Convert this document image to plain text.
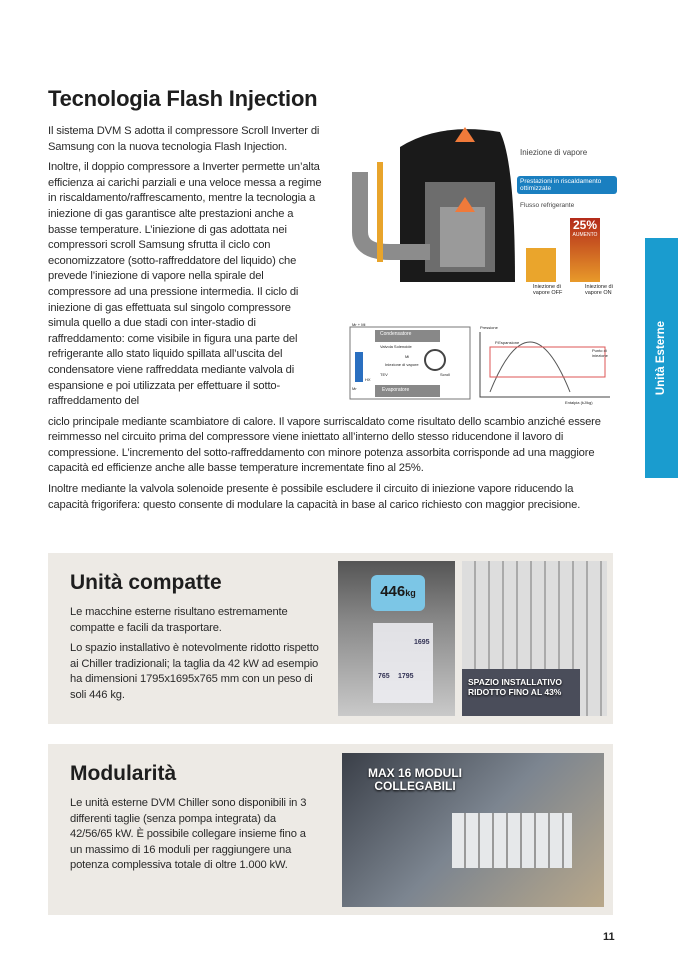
Tecnologia Flash Injection

Il sistema DVM S adotta il compressore Scroll Inverter di Samsung con la nuova tecnologia Flash Injection.

Inoltre, il doppio compressore a Inverter permette un’alta efficienza ai carichi parziali e una veloce messa a regime in riscaldamento/raffrescamento, mentre la tecnologia a iniezione di gas garantisce alte prestazioni anche a basse temperature. L’iniezione di gas adottata nei compressori scroll Samsung sfrutta il ciclo con economizzatore (sotto-raffreddatore del liquido) che prevede l’iniezione di vapore nella spirale del compressore ad una pressione intermedia. Il ciclo di iniezione di gas effettuata sul singolo compressore simula quello a due stadi con inter-stadio di raffreddamento: come visibile in figura una parte del refrigerante allo stato liquido spillata all’uscita del condensatore viene raffreddata mediante valvola di espansione e poi utilizzata per effettuare il sotto-raffreddamento del

ciclo principale mediante scambiatore di calore. Il vapore surriscaldato come risultato dello scambio anziché essere reimmesso nel circuito prima del compressore viene iniettato all’interno dello stesso riducendone il lavoro di compressione. L’incremento del sotto-raffreddamento con minore potenza assorbita corrisponde ad una maggiore capacità ed efficienze anche alle basse temperature incrementate fino al 25%.

Inoltre mediante la valvola solenoide presente è possibile escludere il circuito di iniezione vapore riducendo la capacità frigorifera: questo consente di modulare la capacità in base al carico richiesto con maggior precisione.

Iniezione di vapore
Prestazioni in riscaldamento ottimizzate
Flusso refrigerante
25%
AUMENTO
Iniezione di vapore OFF
Iniezione di vapore ON
Condensatore
Evaporatore
Valvola Solenoide
Iniezione di vapore
Scroll
TEV
HX
Mr + Mi
Mi
Mr
Pressione
Entalpia (kJ/kg)
P.Espansione
Punto di iniezione	Unità Esterne
Unità compatte

Le macchine esterne risultano estremamente compatte e facili da trasportare.

Lo spazio installativo è notevolmente ridotto rispetto ai Chiller tradizionali; la taglia da 42 kW ad esempio ha dimensioni 1795x1695x765 mm con un peso di soli 446 kg.

446kg
1695
765 1795
SPAZIO INSTALLATIVO RIDOTTO FINO AL 43%
Modularità

Le unità esterne DVM Chiller sono disponibili in 3 differenti taglie (senza pompa integrata) da 42/56/65 kW. È possibile collegare insieme fino a un massimo di 16 moduli per raggiungere una potenza complessiva totale di oltre 1.000 kW.

MAX 16 MODULI COLLEGABILI
11
